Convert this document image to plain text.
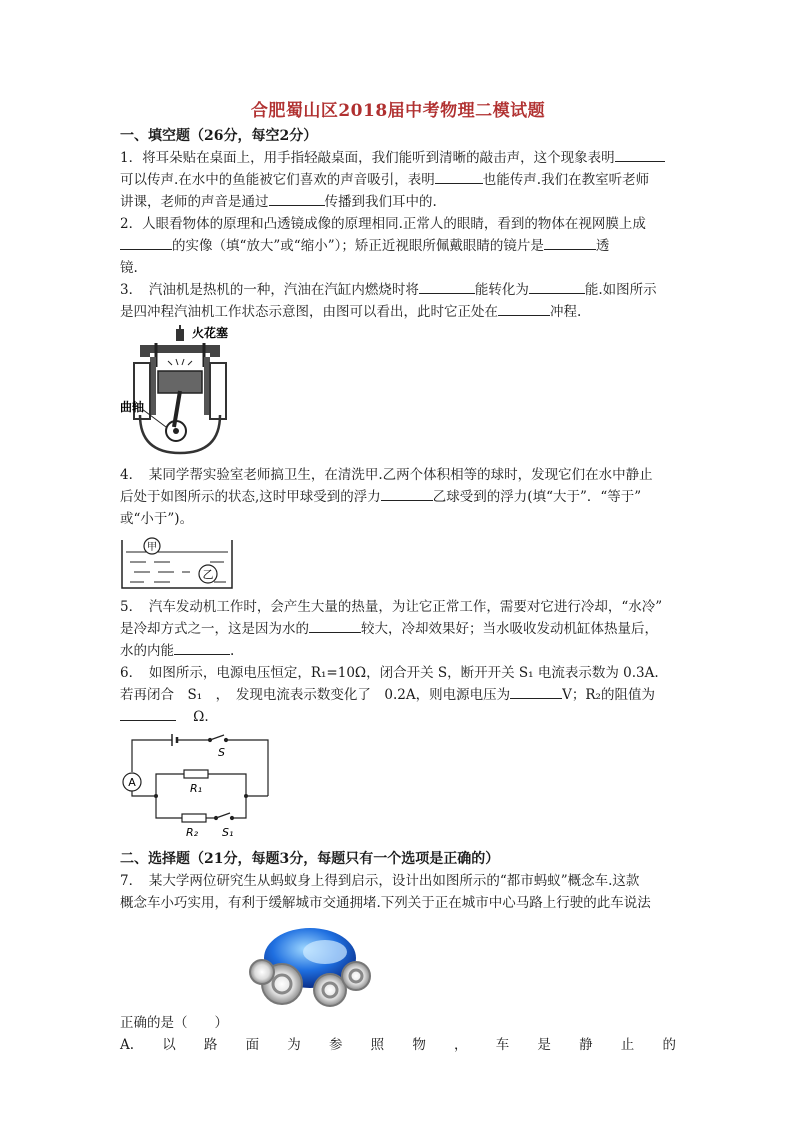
合肥蜀山区2018届中考物理二模试题

一、填空题（26分，每空2分）

1．将耳朵贴在桌面上，用手指轻敲桌面，我们能听到清晰的敲击声，这个现象表明

可以传声.在水中的鱼能被它们喜欢的声音吸引，表明	也能传声.我们在教室听老师

讲课，老师的声音是通过	传播到我们耳中的.

2．人眼看物体的原理和凸透镜成像的原理相同.正常人的眼睛，看到的物体在视网膜上成

的实像（填“放大”或“缩小”）；矫正近视眼所佩戴眼睛的镜片是	透

镜.

3．　汽油机是热机的一种，汽油在汽缸内燃烧时将	能转化为	能.如图所示

是四冲程汽油机工作状态示意图，由图可以看出，此时它正处在	冲程.

火花塞
曲轴

4．　某同学帮实验室老师搞卫生，在清洗甲.乙两个体积相等的球时，发现它们在水中静止

后处于如图所示的状态,这时甲球受到的浮力	乙球受到的浮力(填“大于”．“等于”

或“小于”)。

甲
乙

5．　汽车发动机工作时，会产生大量的热量，为让它正常工作，需要对它进行冷却，“水冷”

是冷却方式之一，这是因为水的	较大，冷却效果好；当水吸收发动机缸体热量后，

水的内能	.

6．　如图所示，电源电压恒定，R₁=10Ω，闭合开关 S，断开开关 S₁ 电流表示数为 0.3A.

若再闭合　S₁　，　发现电流表示数变化了　0.2A，则电源电压为	V；R₂的阻值为

Ω.

A
S
R₁
R₂ S₁

二、选择题（21分，每题3分，每题只有一个选项是正确的）

7．　某大学两位研究生从蚂蚁身上得到启示，设计出如图所示的“都市蚂蚁”概念车.这款

概念车小巧实用，有利于缓解城市交通拥堵.下列关于正在城市中心马路上行驶的此车说法

正确的是（　　）

A. 以 路 面 为 参 照 物 ， 车 是 静 止 的
